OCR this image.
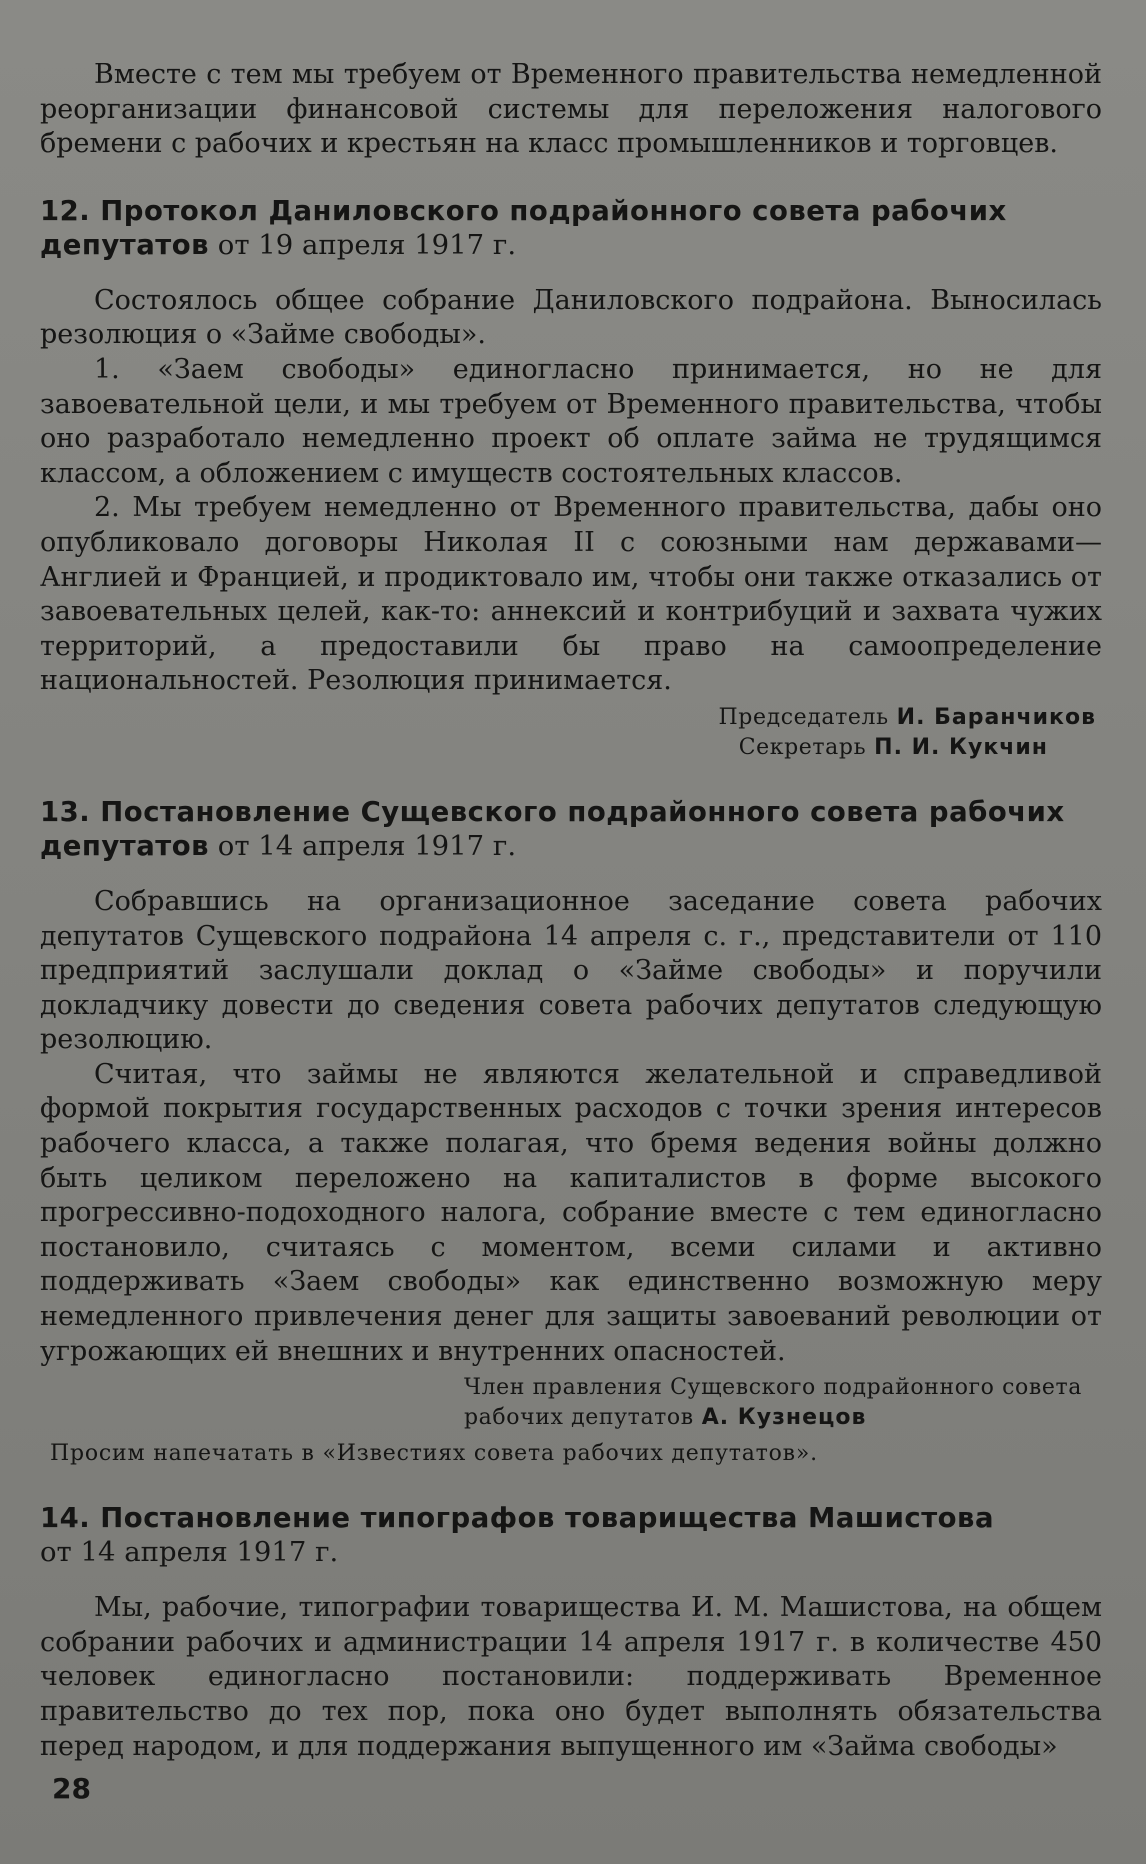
Вместе с тем мы требуем от Временного правительства немедленной реорганизации финансовой системы для переложения налогового бремени с рабочих и крестьян на класс промышленников и торговцев.

12. Протокол Даниловского подрайонного совета рабочих депутатов от 19 апреля 1917 г.

Состоялось общее собрание Даниловского подрайона. Выносилась резолюция о «Займе свободы».

1. «Заем свободы» единогласно принимается, но не для завоевательной цели, и мы требуем от Временного правительства, чтобы оно разработало немедленно проект об оплате займа не трудящимся классом, а обложением с имуществ состоятельных классов.

2. Мы требуем немедленно от Временного правительства, дабы оно опубликовало договоры Николая II с союзными нам державами— Англией и Францией, и продиктовало им, чтобы они также отказались от завоевательных целей, как-то: аннексий и контрибуций и захвата чужих территорий, а предоставили бы право на самоопределение национальностей. Резолюция принимается.

Председатель И. Баранчиков
Секретарь П. И. Кукчин
13. Постановление Сущевского подрайонного совета рабочих депутатов от 14 апреля 1917 г.

Собравшись на организационное заседание совета рабочих депутатов Сущевского подрайона 14 апреля с. г., представители от 110 предприятий заслушали доклад о «Займе свободы» и поручили докладчику довести до сведения совета рабочих депутатов следующую резолюцию.

Считая, что займы не являются желательной и справедливой формой покрытия государственных расходов с точки зрения интересов рабочего класса, а также полагая, что бремя ведения войны должно быть целиком переложено на капиталистов в форме высокого прогрессивно-подоходного налога, собрание вместе с тем единогласно постановило, считаясь с моментом, всеми силами и активно поддерживать «Заем свободы» как единственно возможную меру немедленного привлечения денег для защиты завоеваний революции от угрожающих ей внешних и внутренних опасностей.

Член правления Сущевского подрайонного совета
рабочих депутатов А. Кузнецов

Просим напечатать в «Известиях совета рабочих депутатов».

14. Постановление типографов товарищества Машистова
от 14 апреля 1917 г.

Мы, рабочие, типографии товарищества И. М. Машистова, на общем собрании рабочих и администрации 14 апреля 1917 г. в количестве 450 человек единогласно постановили: поддерживать Временное правительство до тех пор, пока оно будет выполнять обязательства перед народом, и для поддержания выпущенного им «Займа свободы»

28
